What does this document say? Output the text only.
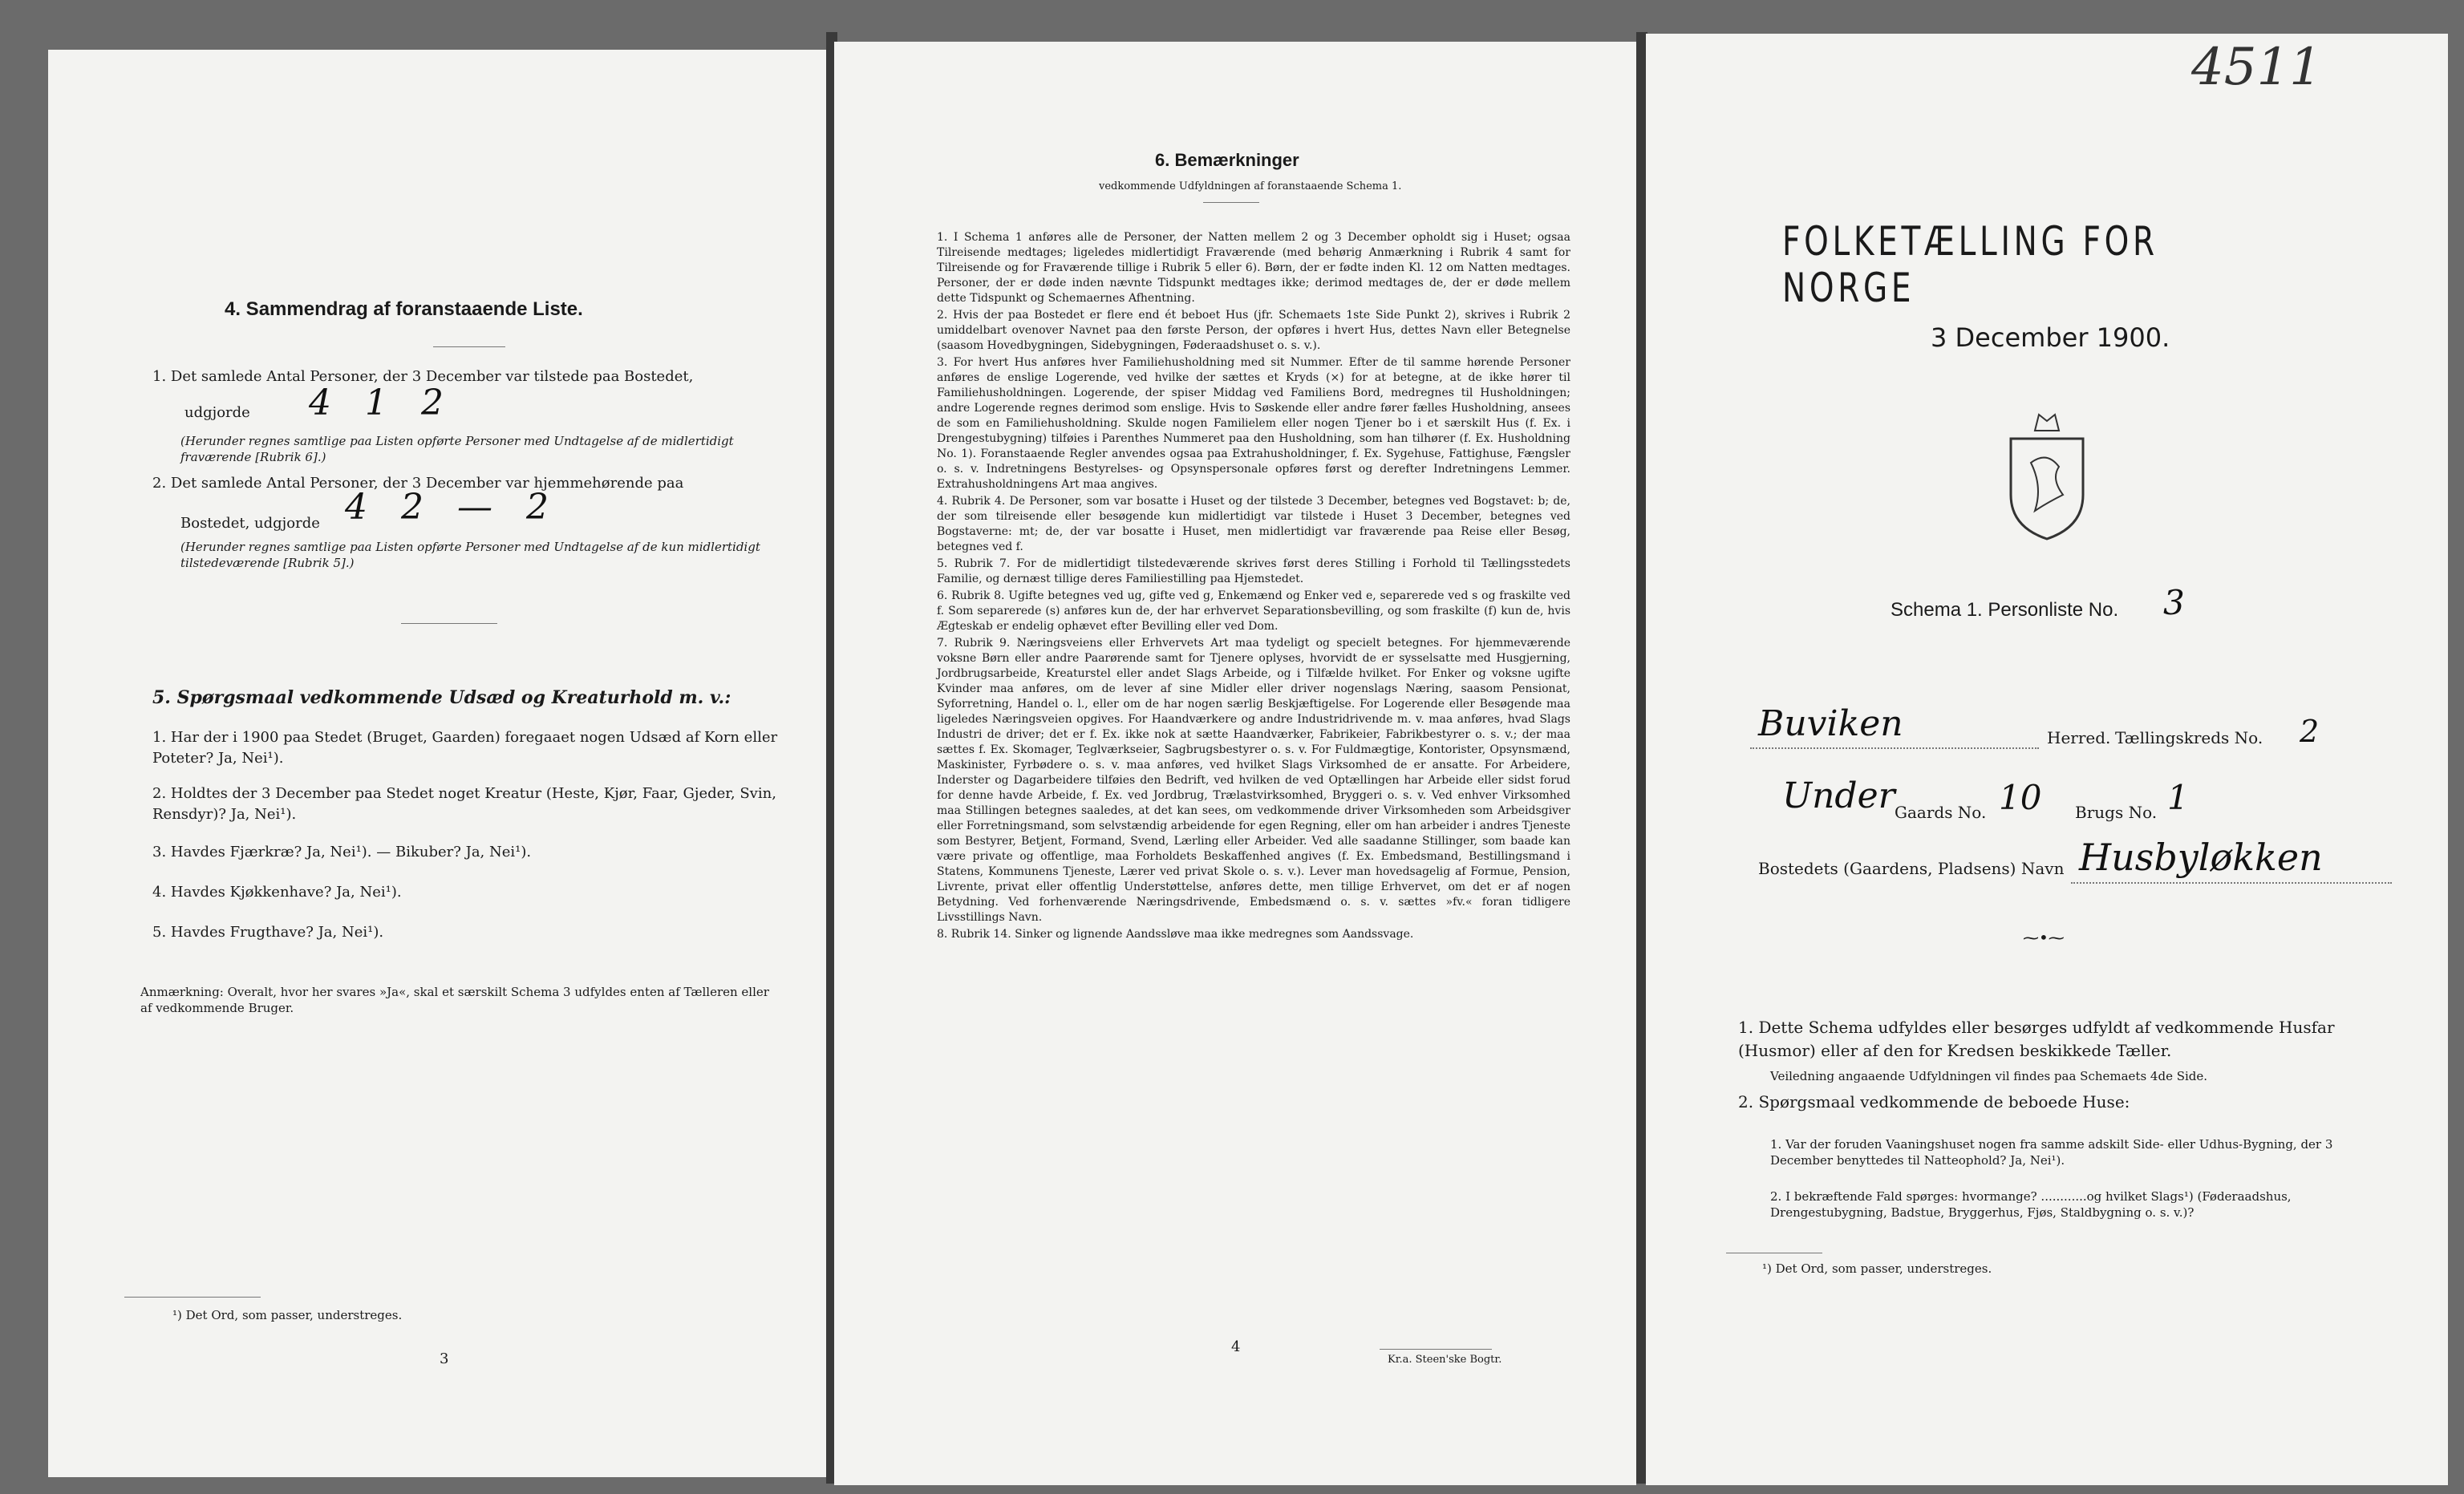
4. Sammendrag af foranstaaende Liste.
1. Det samlede Antal Personer, der 3 December var tilstede paa Bostedet,
udgjorde 4 1 2
(Herunder regnes samtlige paa Listen opførte Personer med Undtagelse af de midlertidigt fraværende [Rubrik 6].)
2. Det samlede Antal Personer, der 3 December var hjemmehørende paa
Bostedet, udgjorde 4 2 — 2
(Herunder regnes samtlige paa Listen opførte Personer med Undtagelse af de kun midlertidigt tilstedeværende [Rubrik 5].)
5. Spørgsmaal vedkommende Udsæd og Kreaturhold m. v.:
1. Har der i 1900 paa Stedet (Bruget, Gaarden) foregaaet nogen Udsæd af Korn eller Poteter? Ja, Nei¹).
2. Holdtes der 3 December paa Stedet noget Kreatur (Heste, Kjør, Faar, Gjeder, Svin, Rensdyr)? Ja, Nei¹).
3. Havdes Fjærkræ? Ja, Nei¹). — Bikuber? Ja, Nei¹).
4. Havdes Kjøkkenhave? Ja, Nei¹).
5. Havdes Frugthave? Ja, Nei¹).
Anmærkning: Overalt, hvor her svares »Ja«, skal et særskilt Schema 3 udfyldes enten af Tælleren eller af vedkommende Bruger.
¹) Det Ord, som passer, understreges.
3
6. Bemærkninger
vedkommende Udfyldningen af foranstaaende Schema 1.
1. I Schema 1 anføres alle de Personer, der Natten mellem 2 og 3 December opholdt sig i Huset; ogsaa Tilreisende medtages; ligeledes midlertidigt Fraværende (med behørig Anmærkning i Rubrik 4 samt for Tilreisende og for Fraværende tillige i Rubrik 5 eller 6). Børn, der er fødte inden Kl. 12 om Natten medtages. Personer, der er døde inden nævnte Tidspunkt medtages ikke; derimod medtages de, der er døde mellem dette Tidspunkt og Schemaernes Afhentning.
2. Hvis der paa Bostedet er flere end ét beboet Hus (jfr. Schemaets 1ste Side Punkt 2), skrives i Rubrik 2 umiddelbart ovenover Navnet paa den første Person, der opføres i hvert Hus, dettes Navn eller Betegnelse (saasom Hovedbygningen, Sidebygningen, Føderaadshuset o. s. v.).
3. For hvert Hus anføres hver Familiehusholdning med sit Nummer. Efter de til samme hørende Personer anføres de enslige Logerende, ved hvilke der sættes et Kryds (×) for at betegne, at de ikke hører til Familiehusholdningen. Logerende, der spiser Middag ved Familiens Bord, medregnes til Husholdningen; andre Logerende regnes derimod som enslige. Hvis to Søskende eller andre fører fælles Husholdning, ansees de som en Familiehusholdning. Skulde nogen Familielem eller nogen Tjener bo i et særskilt Hus (f. Ex. i Drengestubygning) tilføies i Parenthes Nummeret paa den Husholdning, som han tilhører (f. Ex. Husholdning No. 1). Foranstaaende Regler anvendes ogsaa paa Extrahusholdninger, f. Ex. Sygehuse, Fattighuse, Fængsler o. s. v. Indretningens Bestyrelses- og Opsynspersonale opføres først og derefter Indretningens Lemmer. Extrahusholdningens Art maa angives.
4. Rubrik 4. De Personer, som var bosatte i Huset og der tilstede 3 December, betegnes ved Bogstavet: b; de, der som tilreisende eller besøgende kun midlertidigt var tilstede i Huset 3 December, betegnes ved Bogstaverne: mt; de, der var bosatte i Huset, men midlertidigt var fraværende paa Reise eller Besøg, betegnes ved f.
5. Rubrik 7. For de midlertidigt tilstedeværende skrives først deres Stilling i Forhold til Tællingsstedets Familie, og dernæst tillige deres Familiestilling paa Hjemstedet.
6. Rubrik 8. Ugifte betegnes ved ug, gifte ved g, Enkemænd og Enker ved e, separerede ved s og fraskilte ved f. Som separerede (s) anføres kun de, der har erhvervet Separationsbevilling, og som fraskilte (f) kun de, hvis Ægteskab er endelig ophævet efter Bevilling eller ved Dom.
7. Rubrik 9. Næringsveiens eller Erhvervets Art maa tydeligt og specielt betegnes. For hjemmeværende voksne Børn eller andre Paarørende samt for Tjenere oplyses, hvorvidt de er sysselsatte med Husgjerning, Jordbrugsarbeide, Kreaturstel eller andet Slags Arbeide, og i Tilfælde hvilket. For Enker og voksne ugifte Kvinder maa anføres, om de lever af sine Midler eller driver nogenslags Næring, saasom Pensionat, Syforretning, Handel o. l., eller om de har nogen særlig Beskjæftigelse. For Logerende eller Besøgende maa ligeledes Næringsveien opgives. For Haandværkere og andre Industridrivende m. v. maa anføres, hvad Slags Industri de driver; det er f. Ex. ikke nok at sætte Haandværker, Fabrikeier, Fabrikbestyrer o. s. v.; der maa sættes f. Ex. Skomager, Teglværkseier, Sagbrugsbestyrer o. s. v. For Fuldmægtige, Kontorister, Opsynsmænd, Maskinister, Fyrbødere o. s. v. maa anføres, ved hvilket Slags Virksomhed de er ansatte. For Arbeidere, Inderster og Dagarbeidere tilføies den Bedrift, ved hvilken de ved Optællingen har Arbeide eller sidst forud for denne havde Arbeide, f. Ex. ved Jordbrug, Trælastvirksomhed, Bryggeri o. s. v. Ved enhver Virksomhed maa Stillingen betegnes saaledes, at det kan sees, om vedkommende driver Virksomheden som Arbeidsgiver eller Forretningsmand, som selvstændig arbeidende for egen Regning, eller om han arbeider i andres Tjeneste som Bestyrer, Betjent, Formand, Svend, Lærling eller Arbeider. Ved alle saadanne Stillinger, som baade kan være private og offentlige, maa Forholdets Beskaffenhed angives (f. Ex. Embedsmand, Bestillingsmand i Statens, Kommunens Tjeneste, Lærer ved privat Skole o. s. v.). Lever man hovedsagelig af Formue, Pension, Livrente, privat eller offentlig Understøttelse, anføres dette, men tillige Erhvervet, om det er af nogen Betydning. Ved forhenværende Næringsdrivende, Embedsmænd o. s. v. sættes »fv.« foran tidligere Livsstillings Navn.
8. Rubrik 14. Sinker og lignende Aandssløve maa ikke medregnes som Aandssvage.
4
Kr.a. Steen'ske Bogtr.
4511
FOLKETÆLLING FOR NORGE
3 December 1900.
Schema 1. Personliste No. 3
Buviken	Herred. Tællingskreds No. 2
Under Gaards No. 10 Brugs No. 1
Bostedets (Gaardens, Pladsens) Navn Husbyløkken
⁓•⁓
1. Dette Schema udfyldes eller besørges udfyldt af vedkommende Husfar (Husmor) eller af den for Kredsen beskikkede Tæller.
Veiledning angaaende Udfyldningen vil findes paa Schemaets 4de Side.
2. Spørgsmaal vedkommende de beboede Huse:
1. Var der foruden Vaaningshuset nogen fra samme adskilt Side- eller Udhus-Bygning, der 3 December benyttedes til Natteophold? Ja, Nei¹).
2. I bekræftende Fald spørges: hvormange? ............og hvilket Slags¹) (Føderaadshus, Drengestubygning, Badstue, Bryggerhus, Fjøs, Staldbygning o. s. v.)?
¹) Det Ord, som passer, understreges.
